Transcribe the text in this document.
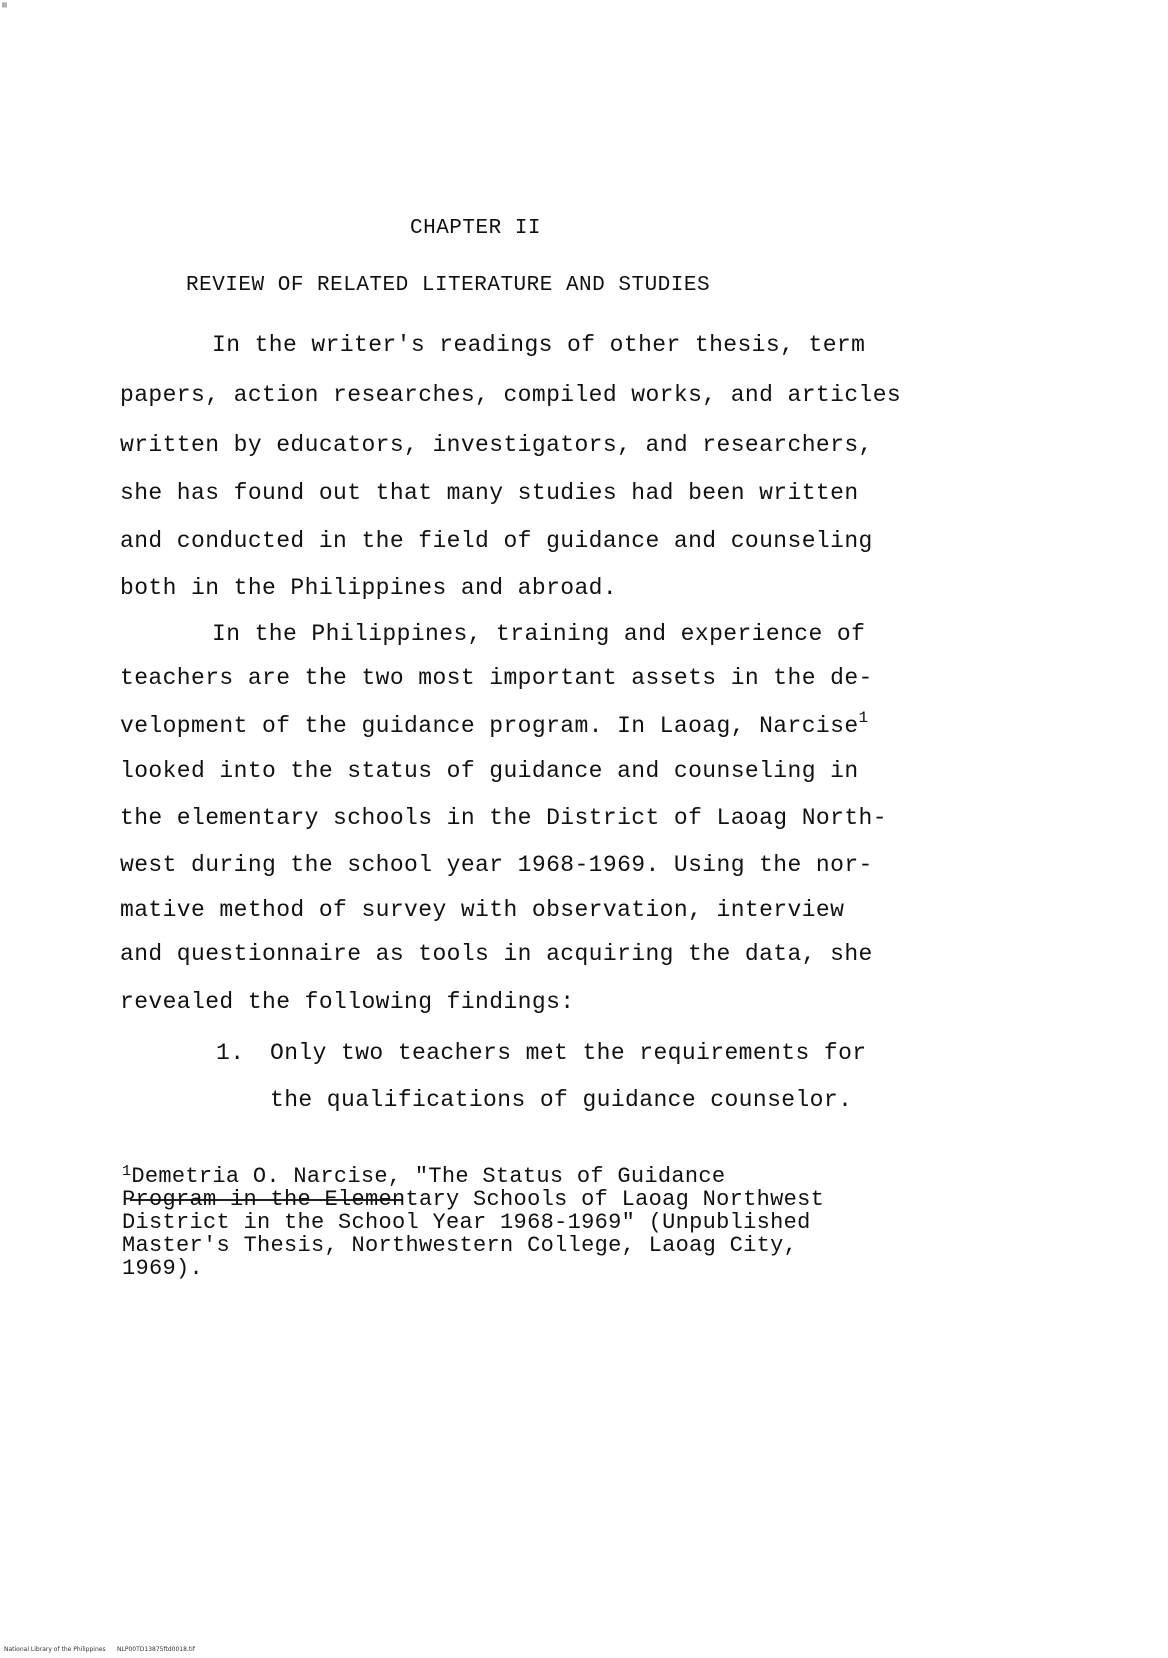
▦
CHAPTER II
REVIEW OF RELATED LITERATURE AND STUDIES
In the writer's readings of other thesis, term
papers, action researches, compiled works, and articles
written by educators, investigators, and researchers,
she has found out that many studies had been written
and conducted in the field of guidance and counseling
both in the Philippines and abroad.
In the Philippines, training and experience of
teachers are the two most important assets in the de-
velopment of the guidance program. In Laoag, Narcise$^1$
looked into the status of guidance and counseling in
the elementary schools in the District of Laoag North-
west during the school year 1968-1969. Using the nor-
mative method of survey with observation, interview
and questionnaire as tools in acquiring the data, she
revealed the following findings:
1. Only two teachers met the requirements for
the qualifications of guidance counselor.
$^1$Demetria O. Narcise, "The Status of Guidance
Program in the Elementary Schools of Laoag Northwest
District in the School Year 1968-1969" (Unpublished
Master's Thesis, Northwestern College, Laoag City,
1969).
National Library of the Philippines      NLP00TD13875ftd0018.tif
